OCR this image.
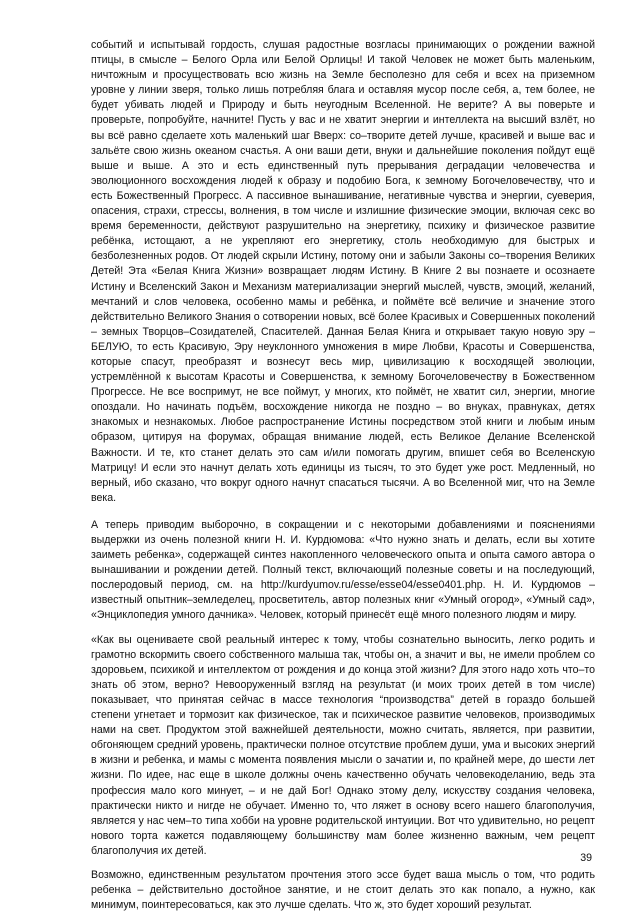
событий и испытывай гордость, слушая радостные возгласы принимающих о рождении важной птицы, в смысле – Белого Орла или Белой Орлицы! И такой Человек не может быть маленьким, ничтожным и просуществовать всю жизнь на Земле бесполезно для себя и всех на приземном уровне у линии зверя, только лишь потребляя блага и оставляя мусор после себя, а, тем более, не будет убивать людей и Природу и быть неугодным Вселенной. Не верите? А вы поверьте и проверьте, попробуйте, начните! Пусть у вас и не хватит энергии и интеллекта на высший взлёт, но вы всё равно сделаете хоть маленький шаг Вверх: со–творите детей лучше, красивей и выше вас и зальёте свою жизнь океаном счастья. А они ваши дети, внуки и дальнейшие поколения пойдут ещё выше и выше. А это и есть единственный путь прерывания деградации человечества и эволюционного восхождения людей к образу и подобию Бога, к земному Богочеловечеству, что и есть Божественный Прогресс. А пассивное вынашивание, негативные чувства и энергии, суеверия, опасения, страхи, стрессы, волнения, в том числе и излишние физические эмоции, включая секс во время беременности, действуют разрушительно на энергетику, психику и физическое развитие ребёнка, истощают, а не укрепляют его энергетику, столь необходимую для быстрых и безболезненных родов. От людей скрыли Истину, потому они и забыли Законы со–творения Великих Детей! Эта «Белая Книга Жизни» возвращает людям Истину. В Книге 2 вы познаете и осознаете Истину и Вселенский Закон и Механизм материализации энергий мыслей, чувств, эмоций, желаний, мечтаний и слов человека, особенно мамы и ребёнка, и поймёте всё величие и значение этого действительно Великого Знания о сотворении новых, всё более Красивых и Совершенных поколений – земных Творцов–Созидателей, Спасителей. Данная Белая Книга и открывает такую новую эру – БЕЛУЮ, то есть Красивую, Эру неуклонного умножения в мире Любви, Красоты и Совершенства, которые спасут, преобразят и вознесут весь мир, цивилизацию к восходящей эволюции, устремлённой к высотам Красоты и Совершенства, к земному Богочеловечеству в Божественном Прогрессе. Не все воспримут, не все поймут, у многих, кто поймёт, не хватит сил, энергии, многие опоздали. Но начинать подъём, восхождение никогда не поздно – во внуках, правнуках, детях знакомых и незнакомых. Любое распространение Истины посредством этой книги и любым иным образом, цитируя на форумах, обращая внимание людей, есть Великое Делание Вселенской Важности. И те, кто станет делать это сам и/или помогать другим, впишет себя во Вселенскую Матрицу! И если это начнут делать хоть единицы из тысяч, то это будет уже рост. Медленный, но верный, ибо сказано, что вокруг одного начнут спасаться тысячи. А во Вселенной миг, что на Земле века.

А теперь приводим выборочно, в сокращении и с некоторыми добавлениями и пояснениями выдержки из очень полезной книги Н. И. Курдюмова: «Что нужно знать и делать, если вы хотите заиметь ребенка», содержащей синтез накопленного человеческого опыта и опыта самого автора о вынашивании и рождении детей. Полный текст, включающий полезные советы и на последующий, послеродовый период, см. на http://kurdyumov.ru/esse/esse04/esse0401.php. Н. И. Курдюмов – известный опытник–земледелец, просветитель, автор полезных книг «Умный огород», «Умный сад», «Энциклопедия умного дачника». Человек, который принесёт ещё много полезного людям и миру.

«Как вы оцениваете свой реальный интерес к тому, чтобы сознательно выносить, легко родить и грамотно вскормить своего собственного малыша так, чтобы он, а значит и вы, не имели проблем со здоровьем, психикой и интеллектом от рождения и до конца этой жизни? Для этого надо хоть что–то знать об этом, верно? Невооруженный взгляд на результат (и моих троих детей в том числе) показывает, что принятая сейчас в массе технология “производства” детей в гораздо большей степени угнетает и тормозит как физическое, так и психическое развитие человеков, производимых нами на свет. Продуктом этой важнейшей деятельности, можно считать, является, при развитии, обгоняющем средний уровень, практически полное отсутствие проблем души, ума и высоких энергий в жизни и ребенка, и мамы с момента появления мысли о зачатии и, по крайней мере, до шести лет жизни. По идее, нас еще в школе должны очень качественно обучать человекоделанию, ведь эта профессия мало кого минует, – и не дай Бог! Однако этому делу, искусству создания человека, практически никто и нигде не обучает. Именно то, что ляжет в основу всего нашего благополучия, является у нас чем–то типа хобби на уровне родительской интуиции. Вот что удивительно, но рецепт нового торта кажется подавляющему большинству мам более жизненно важным, чем рецепт благополучия их детей.

Возможно, единственным результатом прочтения этого эссе будет ваша мысль о том, что родить ребенка – действительно достойное занятие, и не стоит делать это как попало, а нужно, как минимум, поинтересоваться, как это лучше сделать. Что ж, это будет хороший результат.

39
